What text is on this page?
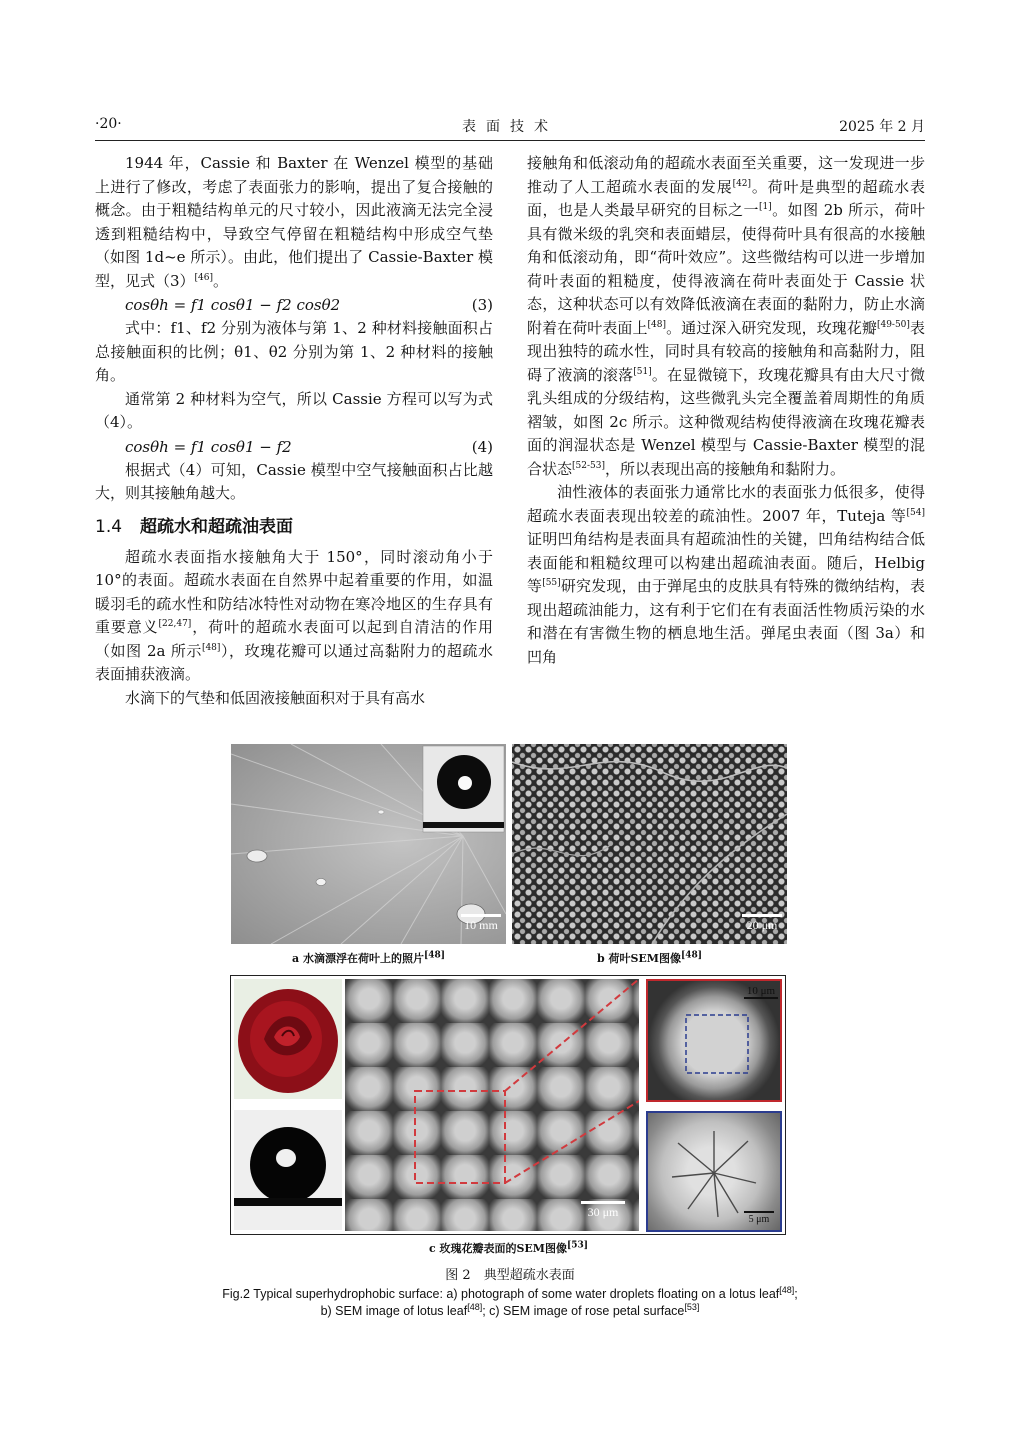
·20·	表面技术	2025 年 2 月

1944 年，Cassie 和 Baxter 在 Wenzel 模型的基础上进行了修改，考虑了表面张力的影响，提出了复合接触的概念。由于粗糙结构单元的尺寸较小，因此液滴无法完全浸透到粗糙结构中，导致空气停留在粗糙结构中形成空气垫（如图 1d~e 所示）。由此，他们提出了 Cassie-Baxter 模型，见式（3）[46]。

cosθh = f1 cosθ1 − f2 cosθ2	(3)

式中：f1、f2 分别为液体与第 1、2 种材料接触面积占总接触面积的比例；θ1、θ2 分别为第 1、2 种材料的接触角。

通常第 2 种材料为空气，所以 Cassie 方程可以写为式（4）。

cosθh = f1 cosθ1 − f2	(4)

根据式（4）可知，Cassie 模型中空气接触面积占比越大，则其接触角越大。

1.4 超疏水和超疏油表面

超疏水表面指水接触角大于 150°，同时滚动角小于 10°的表面。超疏水表面在自然界中起着重要的作用，如温暖羽毛的疏水性和防结冰特性对动物在寒冷地区的生存具有重要意义[22,47]，荷叶的超疏水表面可以起到自清洁的作用（如图 2a 所示[48]），玫瑰花瓣可以通过高黏附力的超疏水表面捕获液滴。

水滴下的气垫和低固液接触面积对于具有高水

接触角和低滚动角的超疏水表面至关重要，这一发现进一步推动了人工超疏水表面的发展[42]。荷叶是典型的超疏水表面，也是人类最早研究的目标之一[1]。如图 2b 所示，荷叶具有微米级的乳突和表面蜡层，使得荷叶具有很高的水接触角和低滚动角，即“荷叶效应”。这些微结构可以进一步增加荷叶表面的粗糙度，使得液滴在荷叶表面处于 Cassie 状态，这种状态可以有效降低液滴在表面的黏附力，防止水滴附着在荷叶表面上[48]。通过深入研究发现，玫瑰花瓣[49-50]表现出独特的疏水性，同时具有较高的接触角和高黏附力，阻碍了液滴的滚落[51]。在显微镜下，玫瑰花瓣具有由大尺寸微乳头组成的分级结构，这些微乳头完全覆盖着周期性的角质褶皱，如图 2c 所示。这种微观结构使得液滴在玫瑰花瓣表面的润湿状态是 Wenzel 模型与 Cassie-Baxter 模型的混合状态[52-53]，所以表现出高的接触角和黏附力。

油性液体的表面张力通常比水的表面张力低很多，使得超疏水表面表现出较差的疏油性。2007 年，Tuteja 等[54]证明凹角结构是表面具有超疏油性的关键，凹角结构结合低表面能和粗糙纹理可以构建出超疏油表面。随后，Helbig 等[55]研究发现，由于弹尾虫的皮肤具有特殊的微纳结构，表现出超疏油能力，这有利于它们在有表面活性物质污染的水和潜在有害微生物的栖息地生活。弹尾虫表面（图 3a）和凹角

10 mm	20 μm
a 水滴漂浮在荷叶上的照片[48]	b 荷叶SEM图像[48]
30 μm
10 μm
5 μm
c 玫瑰花瓣表面的SEM图像[53]
图 2　典型超疏水表面
Fig.2 Typical superhydrophobic surface: a) photograph of some water droplets floating on a lotus leaf[48];
b) SEM image of lotus leaf[48]; c) SEM image of rose petal surface[53]
